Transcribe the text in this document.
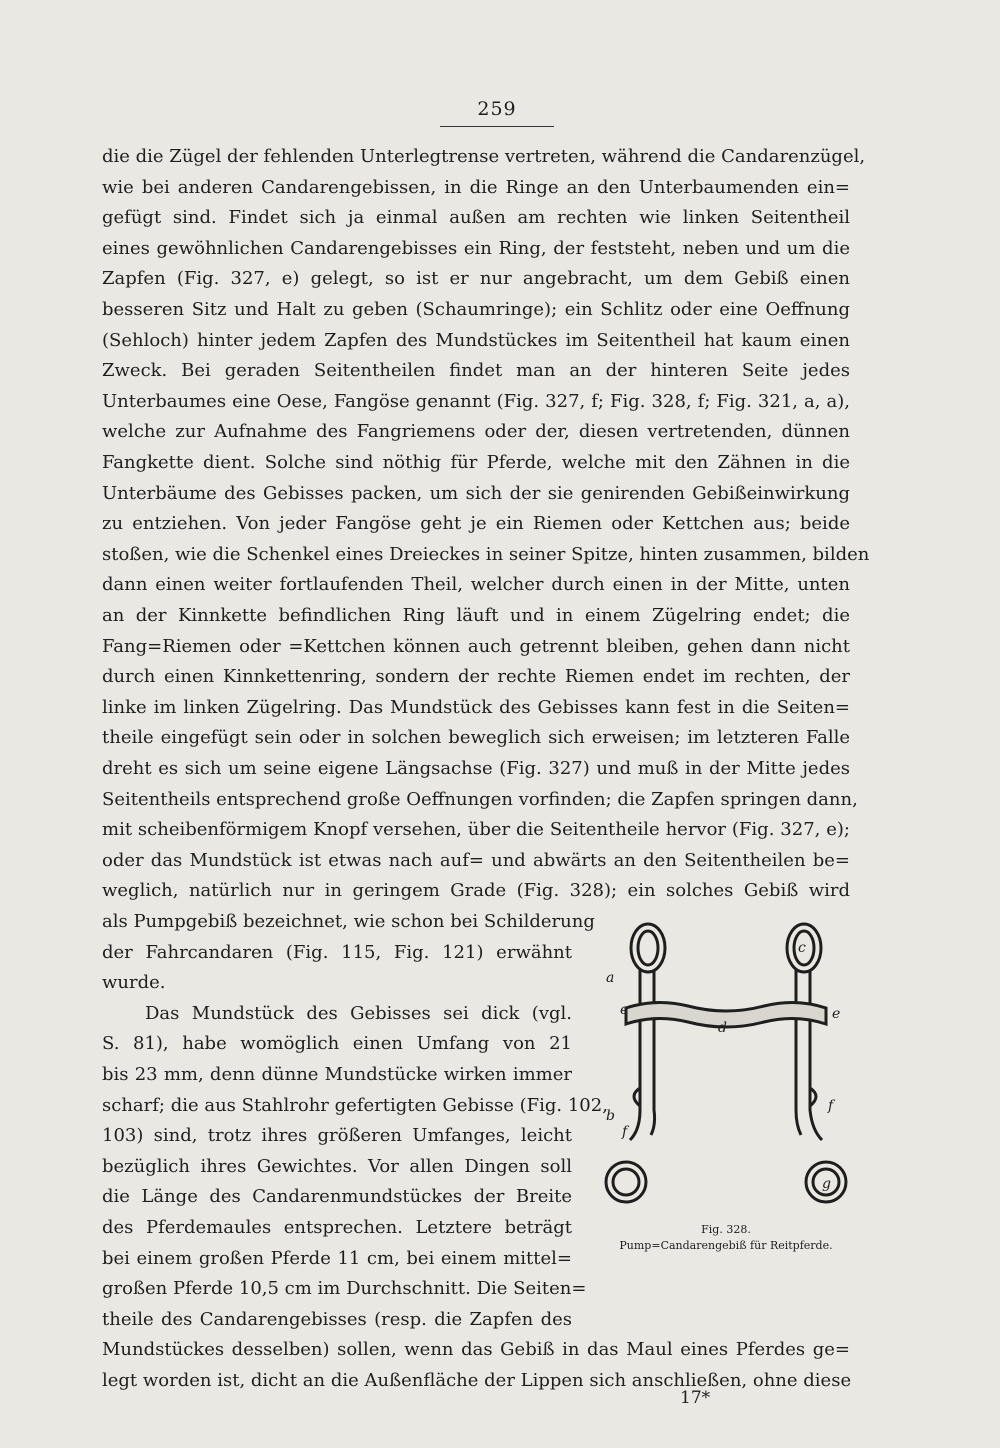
259
die die Zügel der fehlenden Unterlegtrense vertreten, während die Candarenzügel,
wie bei anderen Candarengebissen, in die Ringe an den Unterbaumenden ein=
gefügt sind. Findet sich ja einmal außen am rechten wie linken Seitentheil
eines gewöhnlichen Candarengebisses ein Ring, der feststeht, neben und um die
Zapfen (Fig. 327, e) gelegt, so ist er nur angebracht, um dem Gebiß einen
besseren Sitz und Halt zu geben (Schaumringe); ein Schlitz oder eine Oeffnung
(Sehloch) hinter jedem Zapfen des Mundstückes im Seitentheil hat kaum einen
Zweck. Bei geraden Seitentheilen findet man an der hinteren Seite jedes
Unterbaumes eine Oese, Fangöse genannt (Fig. 327, f; Fig. 328, f; Fig. 321, a, a),
welche zur Aufnahme des Fangriemens oder der, diesen vertretenden, dünnen
Fangkette dient. Solche sind nöthig für Pferde, welche mit den Zähnen in die
Unterbäume des Gebisses packen, um sich der sie genirenden Gebißeinwirkung
zu entziehen. Von jeder Fangöse geht je ein Riemen oder Kettchen aus; beide
stoßen, wie die Schenkel eines Dreieckes in seiner Spitze, hinten zusammen, bilden
dann einen weiter fortlaufenden Theil, welcher durch einen in der Mitte, unten
an der Kinnkette befindlichen Ring läuft und in einem Zügelring endet; die
Fang=Riemen oder =Kettchen können auch getrennt bleiben, gehen dann nicht
durch einen Kinnkettenring, sondern der rechte Riemen endet im rechten, der
linke im linken Zügelring. Das Mundstück des Gebisses kann fest in die Seiten=
theile eingefügt sein oder in solchen beweglich sich erweisen; im letzteren Falle
dreht es sich um seine eigene Längsachse (Fig. 327) und muß in der Mitte jedes
Seitentheils entsprechend große Oeffnungen vorfinden; die Zapfen springen dann,
mit scheibenförmigem Knopf versehen, über die Seitentheile hervor (Fig. 327, e);
oder das Mundstück ist etwas nach auf= und abwärts an den Seitentheilen be=
weglich, natürlich nur in geringem Grade (Fig. 328); ein solches Gebiß wird
als Pumpgebiß bezeichnet, wie schon bei Schilderung
der Fahrcandaren (Fig. 115, Fig. 121) erwähnt
wurde.
Das Mundstück des Gebisses sei dick (vgl.
S. 81), habe womöglich einen Umfang von 21
bis 23 mm, denn dünne Mundstücke wirken immer
scharf; die aus Stahlrohr gefertigten Gebisse (Fig. 102,
103) sind, trotz ihres größeren Umfanges, leicht
bezüglich ihres Gewichtes. Vor allen Dingen soll
die Länge des Candarenmundstückes der Breite
des Pferdemaules entsprechen. Letztere beträgt
bei einem großen Pferde 11 cm, bei einem mittel=
großen Pferde 10,5 cm im Durchschnitt. Die Seiten=
theile des Candarengebisses (resp. die Zapfen des
Mundstückes desselben) sollen, wenn das Gebiß in das Maul eines Pferdes ge=
legt worden ist, dicht an die Außenfläche der Lippen sich anschließen, ohne diese
a
b
c
d
e	e
f
f
g
Fig. 328.
Pump=Candarengebiß für Reitpferde.
17*
